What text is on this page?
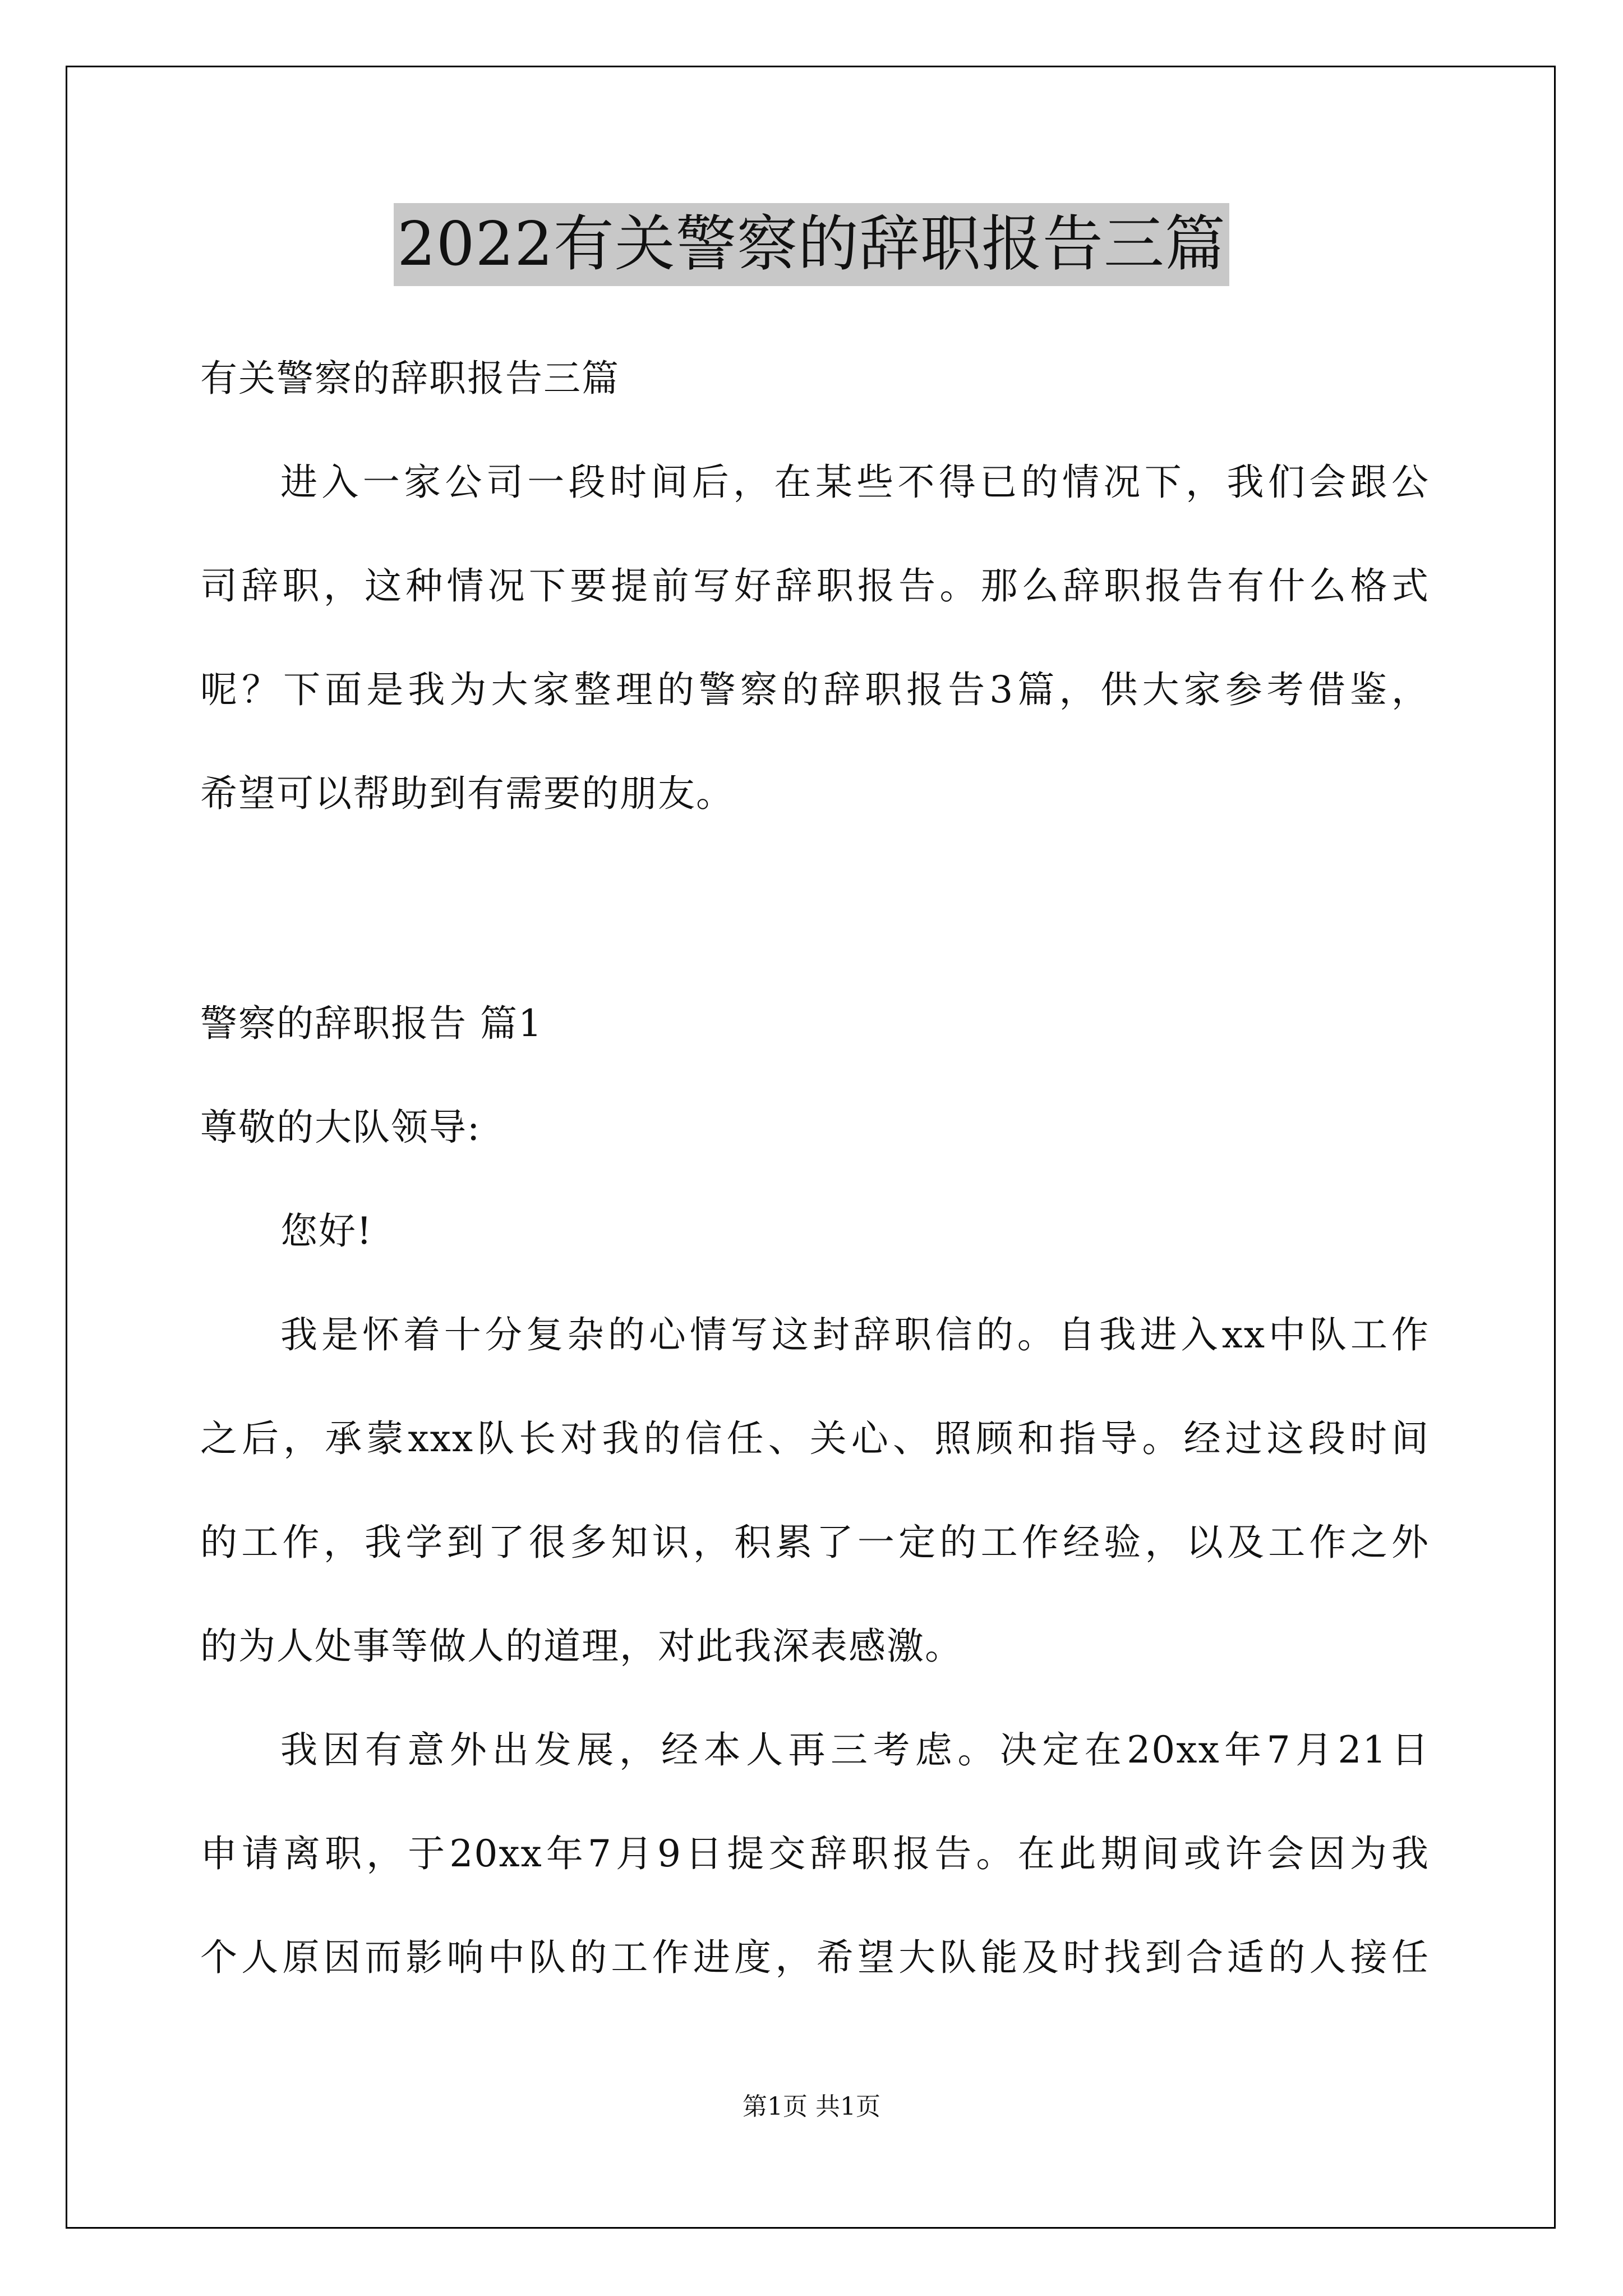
2022有关警察的辞职报告三篇
有关警察的辞职报告三篇
进入一家公司一段时间后，在某些不得已的情况下，我们会跟公
司辞职，这种情况下要提前写好辞职报告。那么辞职报告有什么格式
呢？下面是我为大家整理的警察的辞职报告3篇，供大家参考借鉴，
希望可以帮助到有需要的朋友。
警察的辞职报告 篇1
尊敬的大队领导:
您好!
我是怀着十分复杂的心情写这封辞职信的。自我进入xx中队工作
之后，承蒙xxx队长对我的信任、关心、照顾和指导。经过这段时间
的工作，我学到了很多知识，积累了一定的工作经验，以及工作之外
的为人处事等做人的道理，对此我深表感激。
我因有意外出发展，经本人再三考虑。决定在20xx年7月21日
申请离职，于20xx年7月9日提交辞职报告。在此期间或许会因为我
个人原因而影响中队的工作进度，希望大队能及时找到合适的人接任
第1页 共1页
